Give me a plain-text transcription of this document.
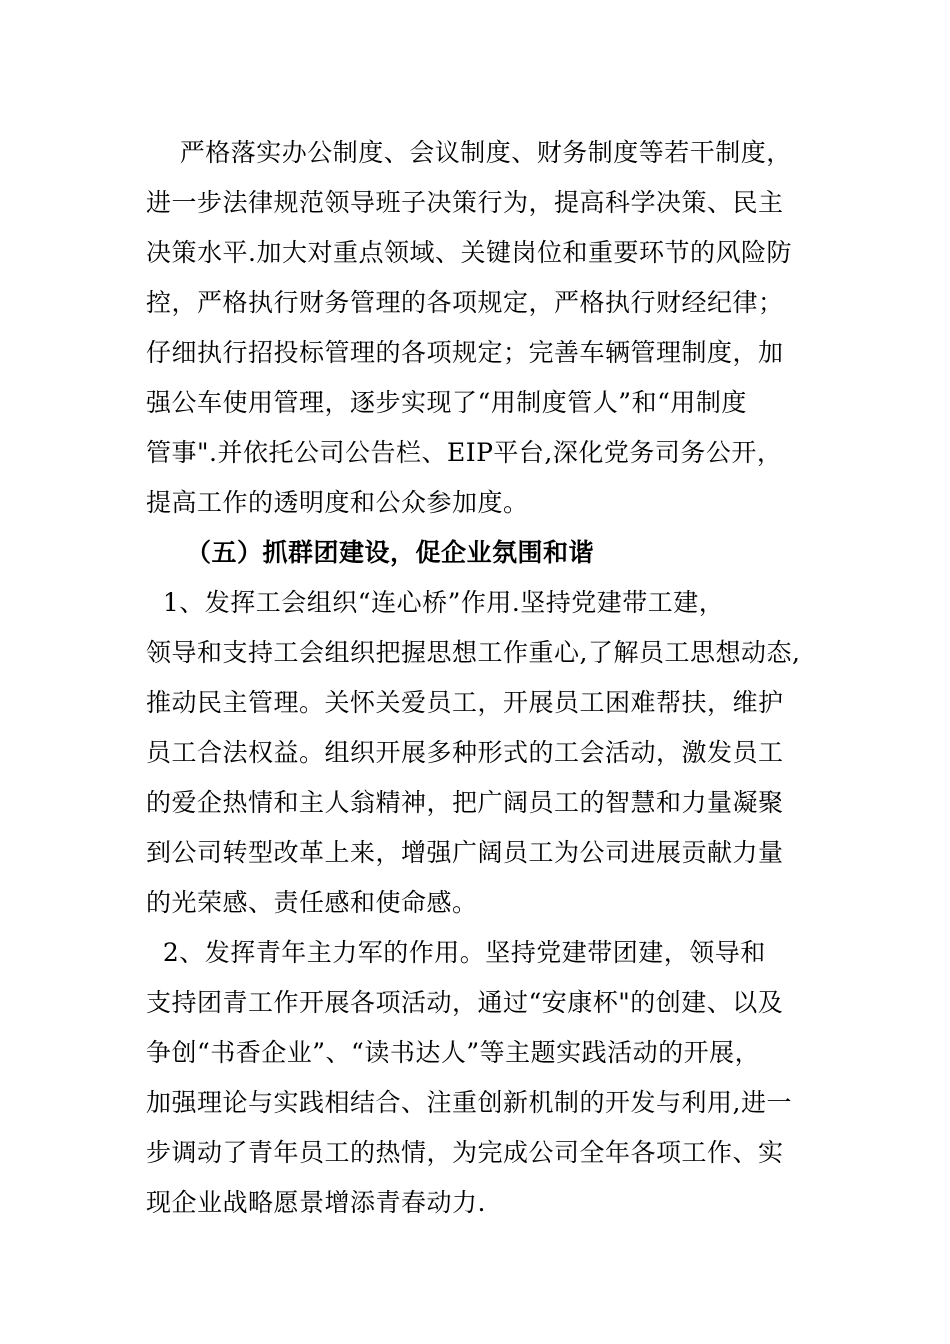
严格落实办公制度、会议制度、财务制度等若干制度，
进一步法律规范领导班子决策行为，提高科学决策、民主
决策水平.加大对重点领域、关键岗位和重要环节的风险防
控，严格执行财务管理的各项规定，严格执行财经纪律；
仔细执行招投标管理的各项规定；完善车辆管理制度，加
强公车使用管理，逐步实现了“用制度管人”和“用制度
管事".并依托公司公告栏、EIP平台,深化党务司务公开，
提高工作的透明度和公众参加度。
（五）抓群团建设，促企业氛围和谐
1、发挥工会组织“连心桥”作用.坚持党建带工建，
领导和支持工会组织把握思想工作重心,了解员工思想动态,
推动民主管理。关怀关爱员工，开展员工困难帮扶，维护
员工合法权益。组织开展多种形式的工会活动，激发员工
的爱企热情和主人翁精神，把广阔员工的智慧和力量凝聚
到公司转型改革上来，增强广阔员工为公司进展贡献力量
的光荣感、责任感和使命感。
2、发挥青年主力军的作用。坚持党建带团建，领导和
支持团青工作开展各项活动，通过“安康杯"的创建、以及
争创“书香企业”、“读书达人”等主题实践活动的开展，
加强理论与实践相结合、注重创新机制的开发与利用,进一
步调动了青年员工的热情，为完成公司全年各项工作、实
现企业战略愿景增添青春动力.
